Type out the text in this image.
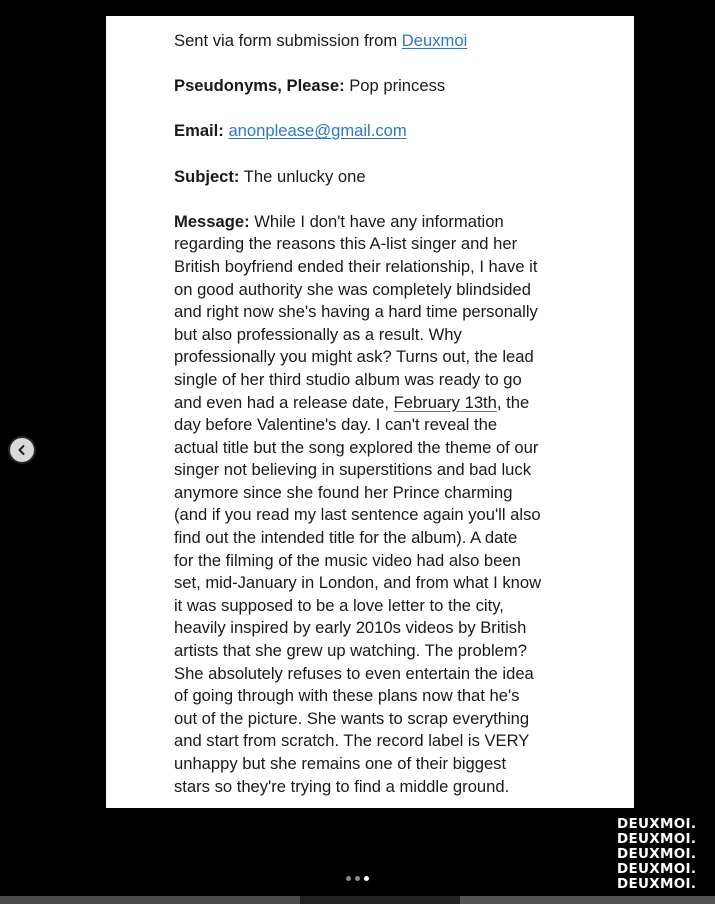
Sent via form submission from Deuxmoi
Pseudonyms, Please: Pop princess
Email: anonplease@gmail.com
Subject: The unlucky one
Message: While I don't have any information
regarding the reasons this A-list singer and her
British boyfriend ended their relationship, I have it
on good authority she was completely blindsided
and right now she's having a hard time personally
but also professionally as a result. Why
professionally you might ask? Turns out, the lead
single of her third studio album was ready to go
and even had a release date, February 13th, the
day before Valentine's day. I can't reveal the
actual title but the song explored the theme of our
singer not believing in superstitions and bad luck
anymore since she found her Prince charming
(and if you read my last sentence again you'll also
find out the intended title for the album). A date
for the filming of the music video had also been
set, mid-January in London, and from what I know
it was supposed to be a love letter to the city,
heavily inspired by early 2010s videos by British
artists that she grew up watching. The problem?
She absolutely refuses to even entertain the idea
of going through with these plans now that he's
out of the picture. She wants to scrap everything
and start from scratch. The record label is VERY
unhappy but she remains one of their biggest
stars so they're trying to find a middle ground.
DEUXMOI.
DEUXMOI.
DEUXMOI.
DEUXMOI.
DEUXMOI.
